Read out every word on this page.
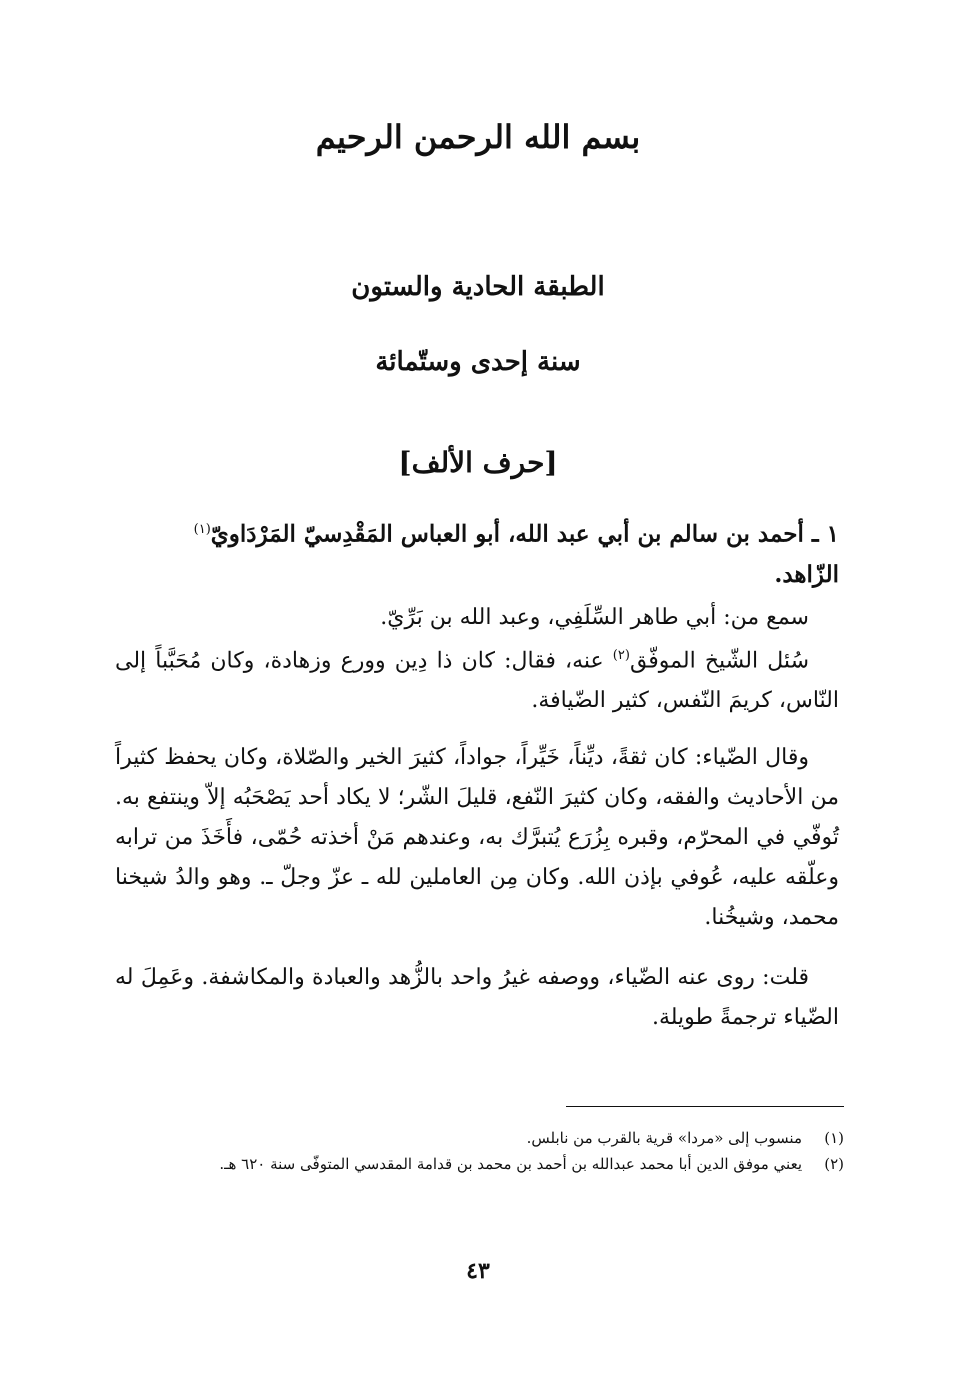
بسم الله الرحمن الرحيم
الطبقة الحادية والستون
سنة إحدى وستّمائة
[حرف الألف]
١ ـ أحمد بن سالم بن أبي عبد الله، أبو العباس المَقْدِسيّ المَرْدَاويّ$^{(١)}$
الزّاهد.
سمع من: أبي طاهر السِّلَفِي، وعبد الله بن بَرِّيّ.
سُئل الشّيخ الموفّق$^{(٢)}$ عنه، فقال: كان ذا دِين وورع وزهادة، وكان مُحَبَّباً إلى النّاس، كريمَ النّفس، كثير الضّيافة.
وقال الضّياء: كان ثقةً، ديِّناً، خَيِّراً، جواداً، كثيرَ الخير والصّلاة، وكان يحفظ كثيراً من الأحاديث والفقه، وكان كثيرَ النّفع، قليلَ الشّر؛ لا يكاد أحد يَصْحَبُه إلاّ وينتفع به. تُوفّي في المحرّم، وقبره بِزُرَع يُتبرَّك به، وعندهم مَنْ أخذته حُمّى، فأَخَذَ من ترابه وعلّقه عليه، عُوفي بإذن الله. وكان مِن العاملين لله ـ عزّ وجلّ ـ. وهو والدُ شيخنا محمد، وشيخُنا.
قلت: روى عنه الضّياء، ووصفه غيرُ واحد بالزُّهد والعبادة والمكاشفة. وعَمِلَ له الضّياء ترجمةً طويلة.
(١)
منسوب إلى «مردا» قرية بالقرب من نابلس.
(٢)
يعني موفق الدين أبا محمد عبدالله بن أحمد بن محمد بن قدامة المقدسي المتوفّى سنة ٦٢٠ هـ.
٤٣
